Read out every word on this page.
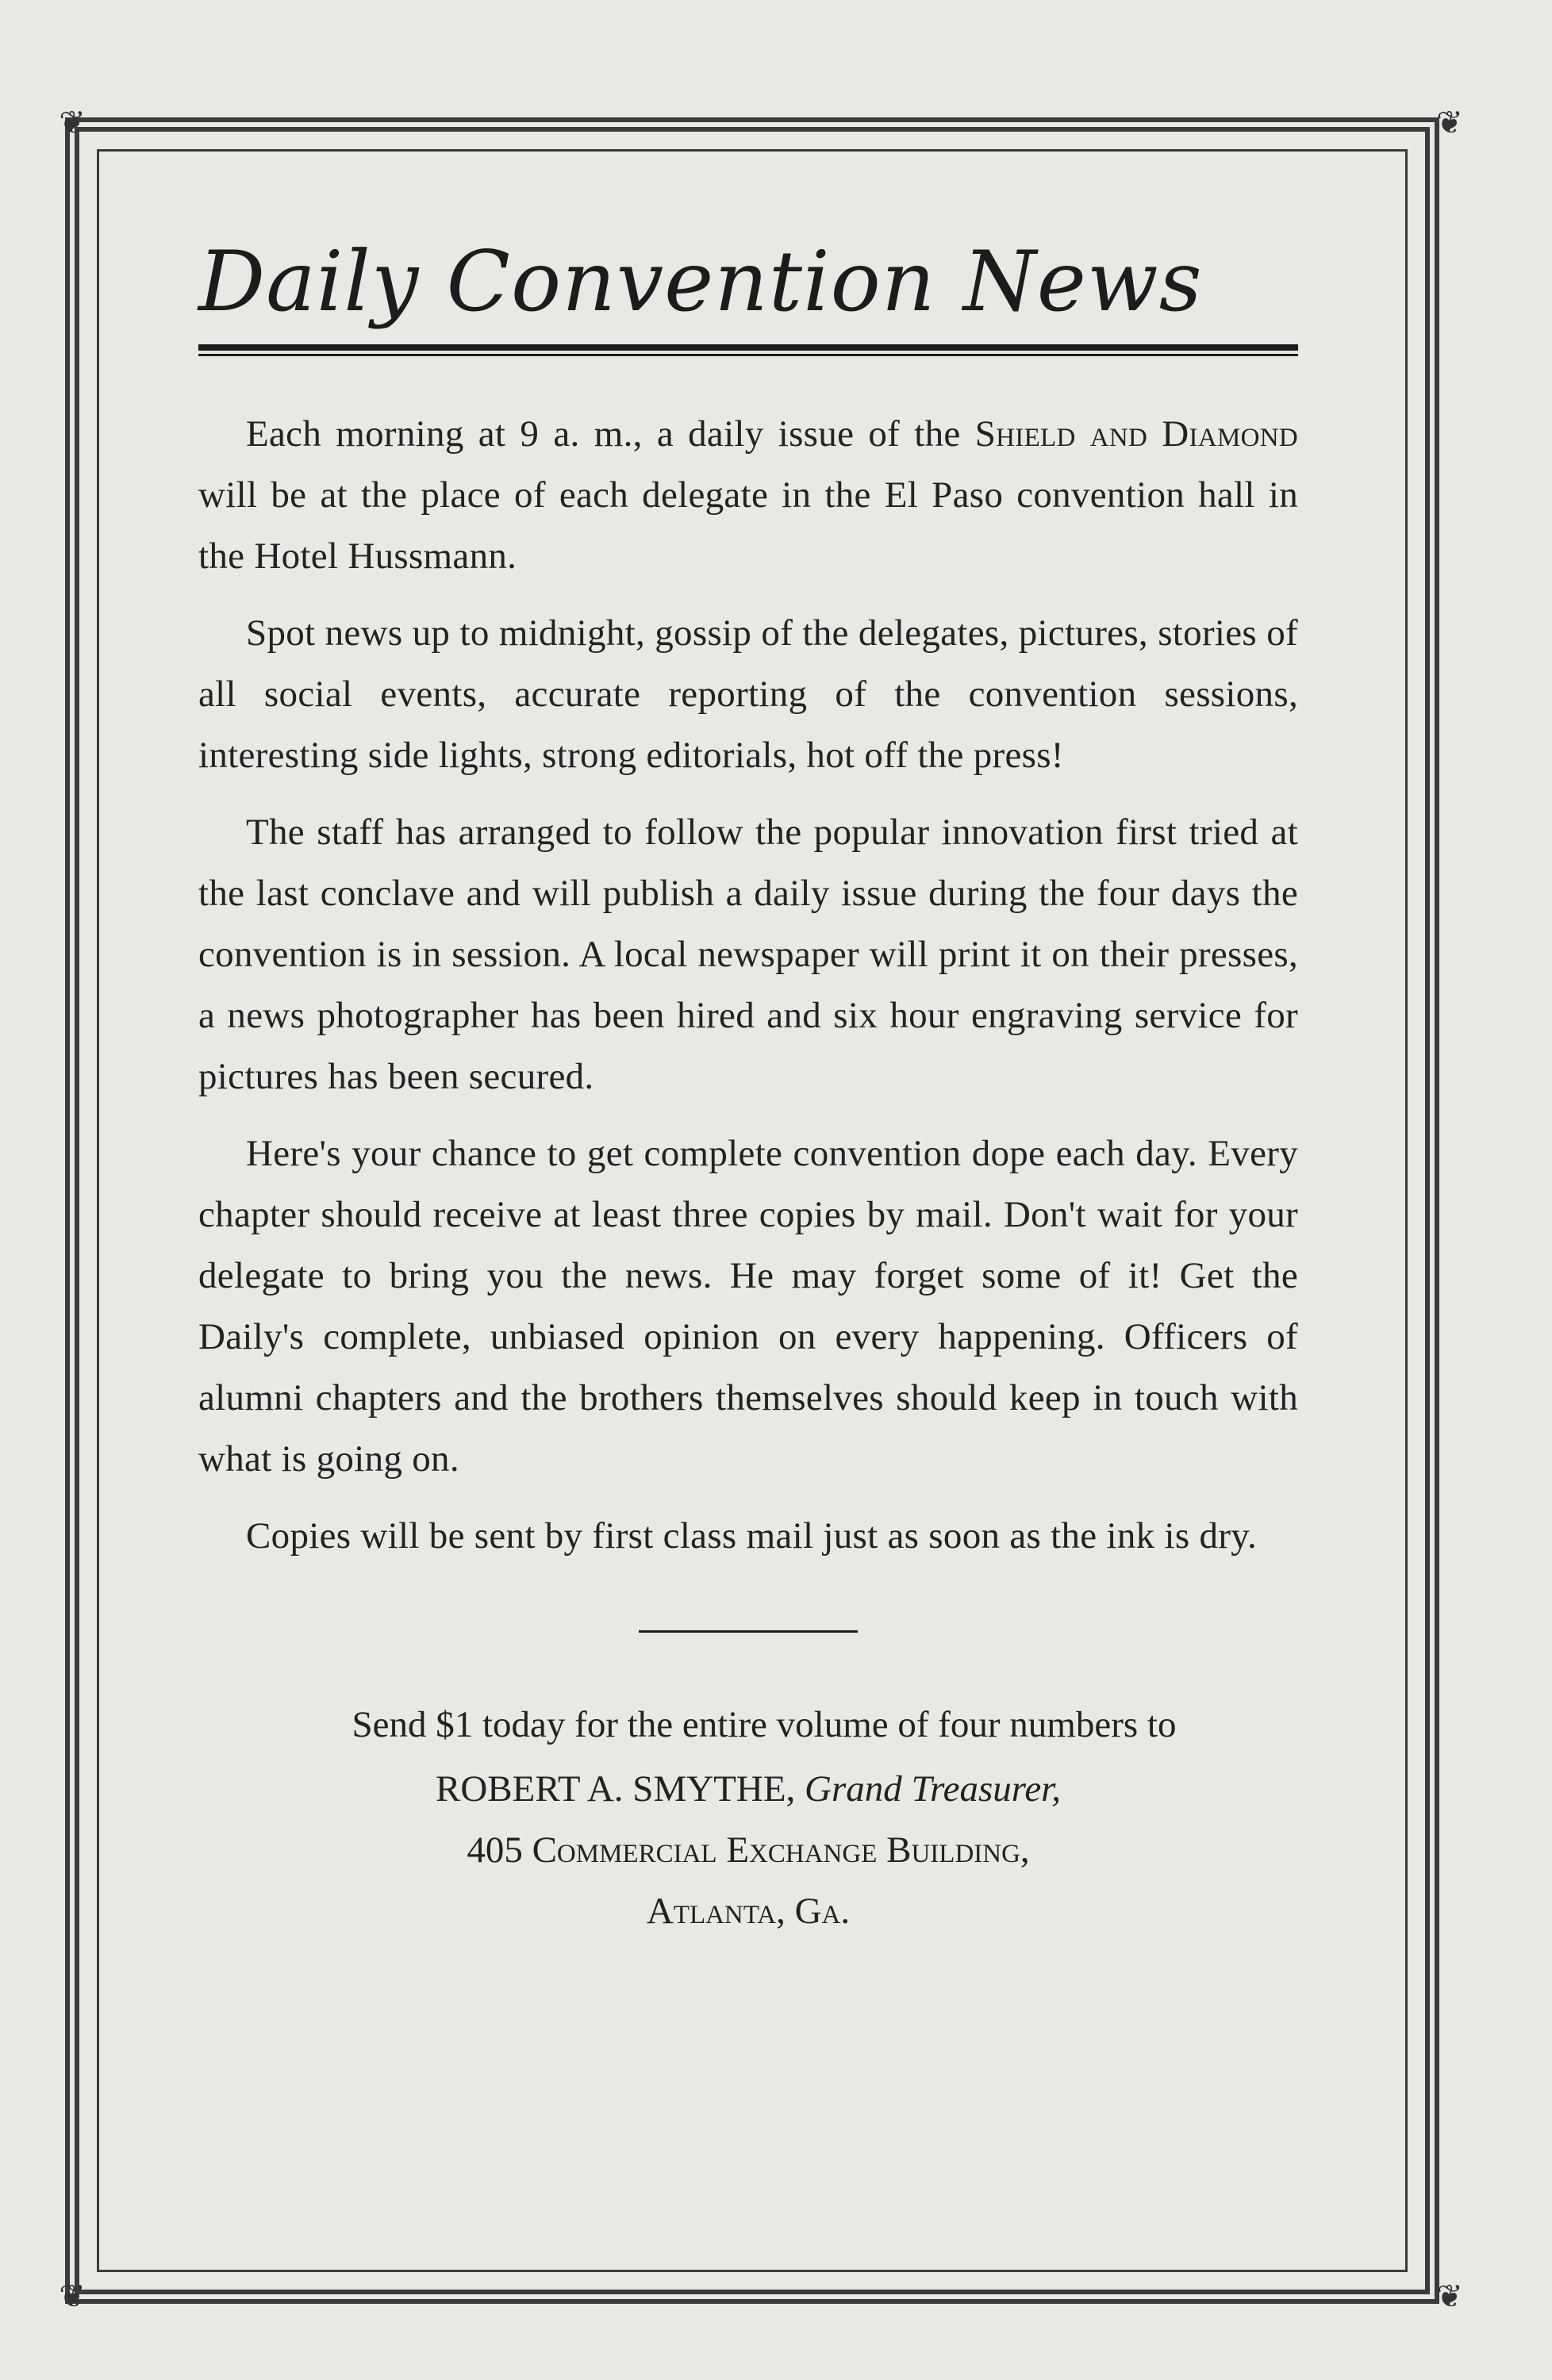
❦	❦
❦	❦
Daily Convention News

Each morning at 9 a. m., a daily issue of the Shield and Diamond will be at the place of each delegate in the El Paso convention hall in the Hotel Hussmann.

Spot news up to midnight, gossip of the delegates, pictures, stories of all social events, accurate reporting of the convention sessions, interesting side lights, strong editorials, hot off the press!

The staff has arranged to follow the popular innovation first tried at the last conclave and will publish a daily issue during the four days the convention is in session. A local newspaper will print it on their presses, a news photographer has been hired and six hour engraving service for pictures has been secured.

Here's your chance to get complete convention dope each day. Every chapter should receive at least three copies by mail. Don't wait for your delegate to bring you the news. He may forget some of it! Get the Daily's complete, unbiased opinion on every happening. Officers of alumni chapters and the brothers themselves should keep in touch with what is going on.

Copies will be sent by first class mail just as soon as the ink is dry.

Send $1 today for the entire volume of four numbers to

ROBERT A. SMYTHE, Grand Treasurer,

405 Commercial Exchange Building,

Atlanta, Ga.
